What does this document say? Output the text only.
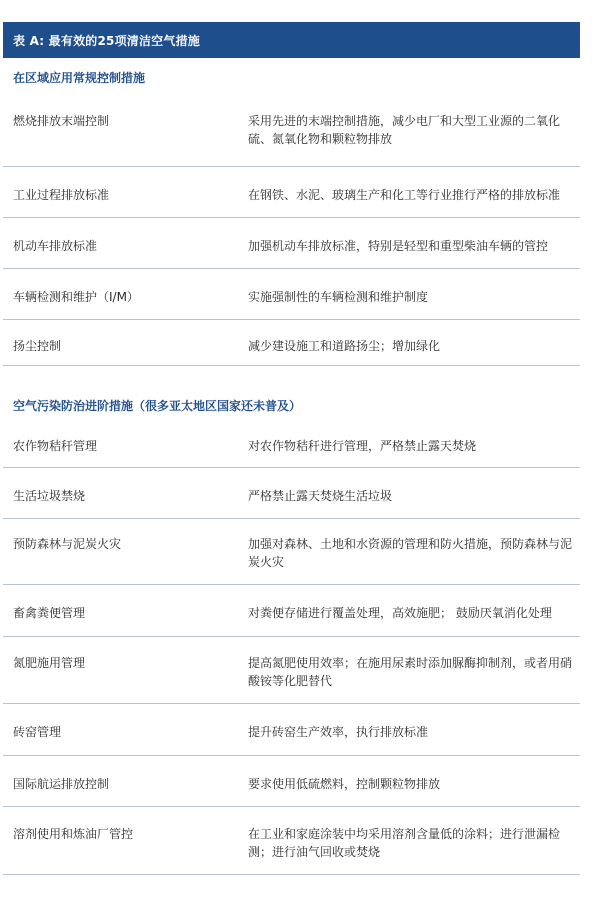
表 A: 最有效的25项清洁空气措施
在区域应用常规控制措施
燃烧排放末端控制	采用先进的末端控制措施，减少电厂和大型工业源的二氧化硫、氮氧化物和颗粒物排放
工业过程排放标准	在钢铁、水泥、玻璃生产和化工等行业推行严格的排放标准
机动车排放标准	加强机动车排放标准，特别是轻型和重型柴油车辆的管控
车辆检测和维护（I/M）	实施强制性的车辆检测和维护制度
扬尘控制	减少建设施工和道路扬尘；增加绿化
空气污染防治进阶措施（很多亚太地区国家还未普及）
农作物秸秆管理	对农作物秸秆进行管理，严格禁止露天焚烧
生活垃圾禁烧	严格禁止露天焚烧生活垃圾
预防森林与泥炭火灾	加强对森林、土地和水资源的管理和防火措施，预防森林与泥炭火灾
畜禽粪便管理	对粪便存储进行覆盖处理，高效施肥； 鼓励厌氧消化处理
氮肥施用管理	提高氮肥使用效率；在施用尿素时添加脲酶抑制剂，或者用硝酸铵等化肥替代
砖窑管理	提升砖窑生产效率，执行排放标准
国际航运排放控制	要求使用低硫燃料，控制颗粒物排放
溶剂使用和炼油厂管控	在工业和家庭涂装中均采用溶剂含量低的涂料；进行泄漏检测；进行油气回收或焚烧
